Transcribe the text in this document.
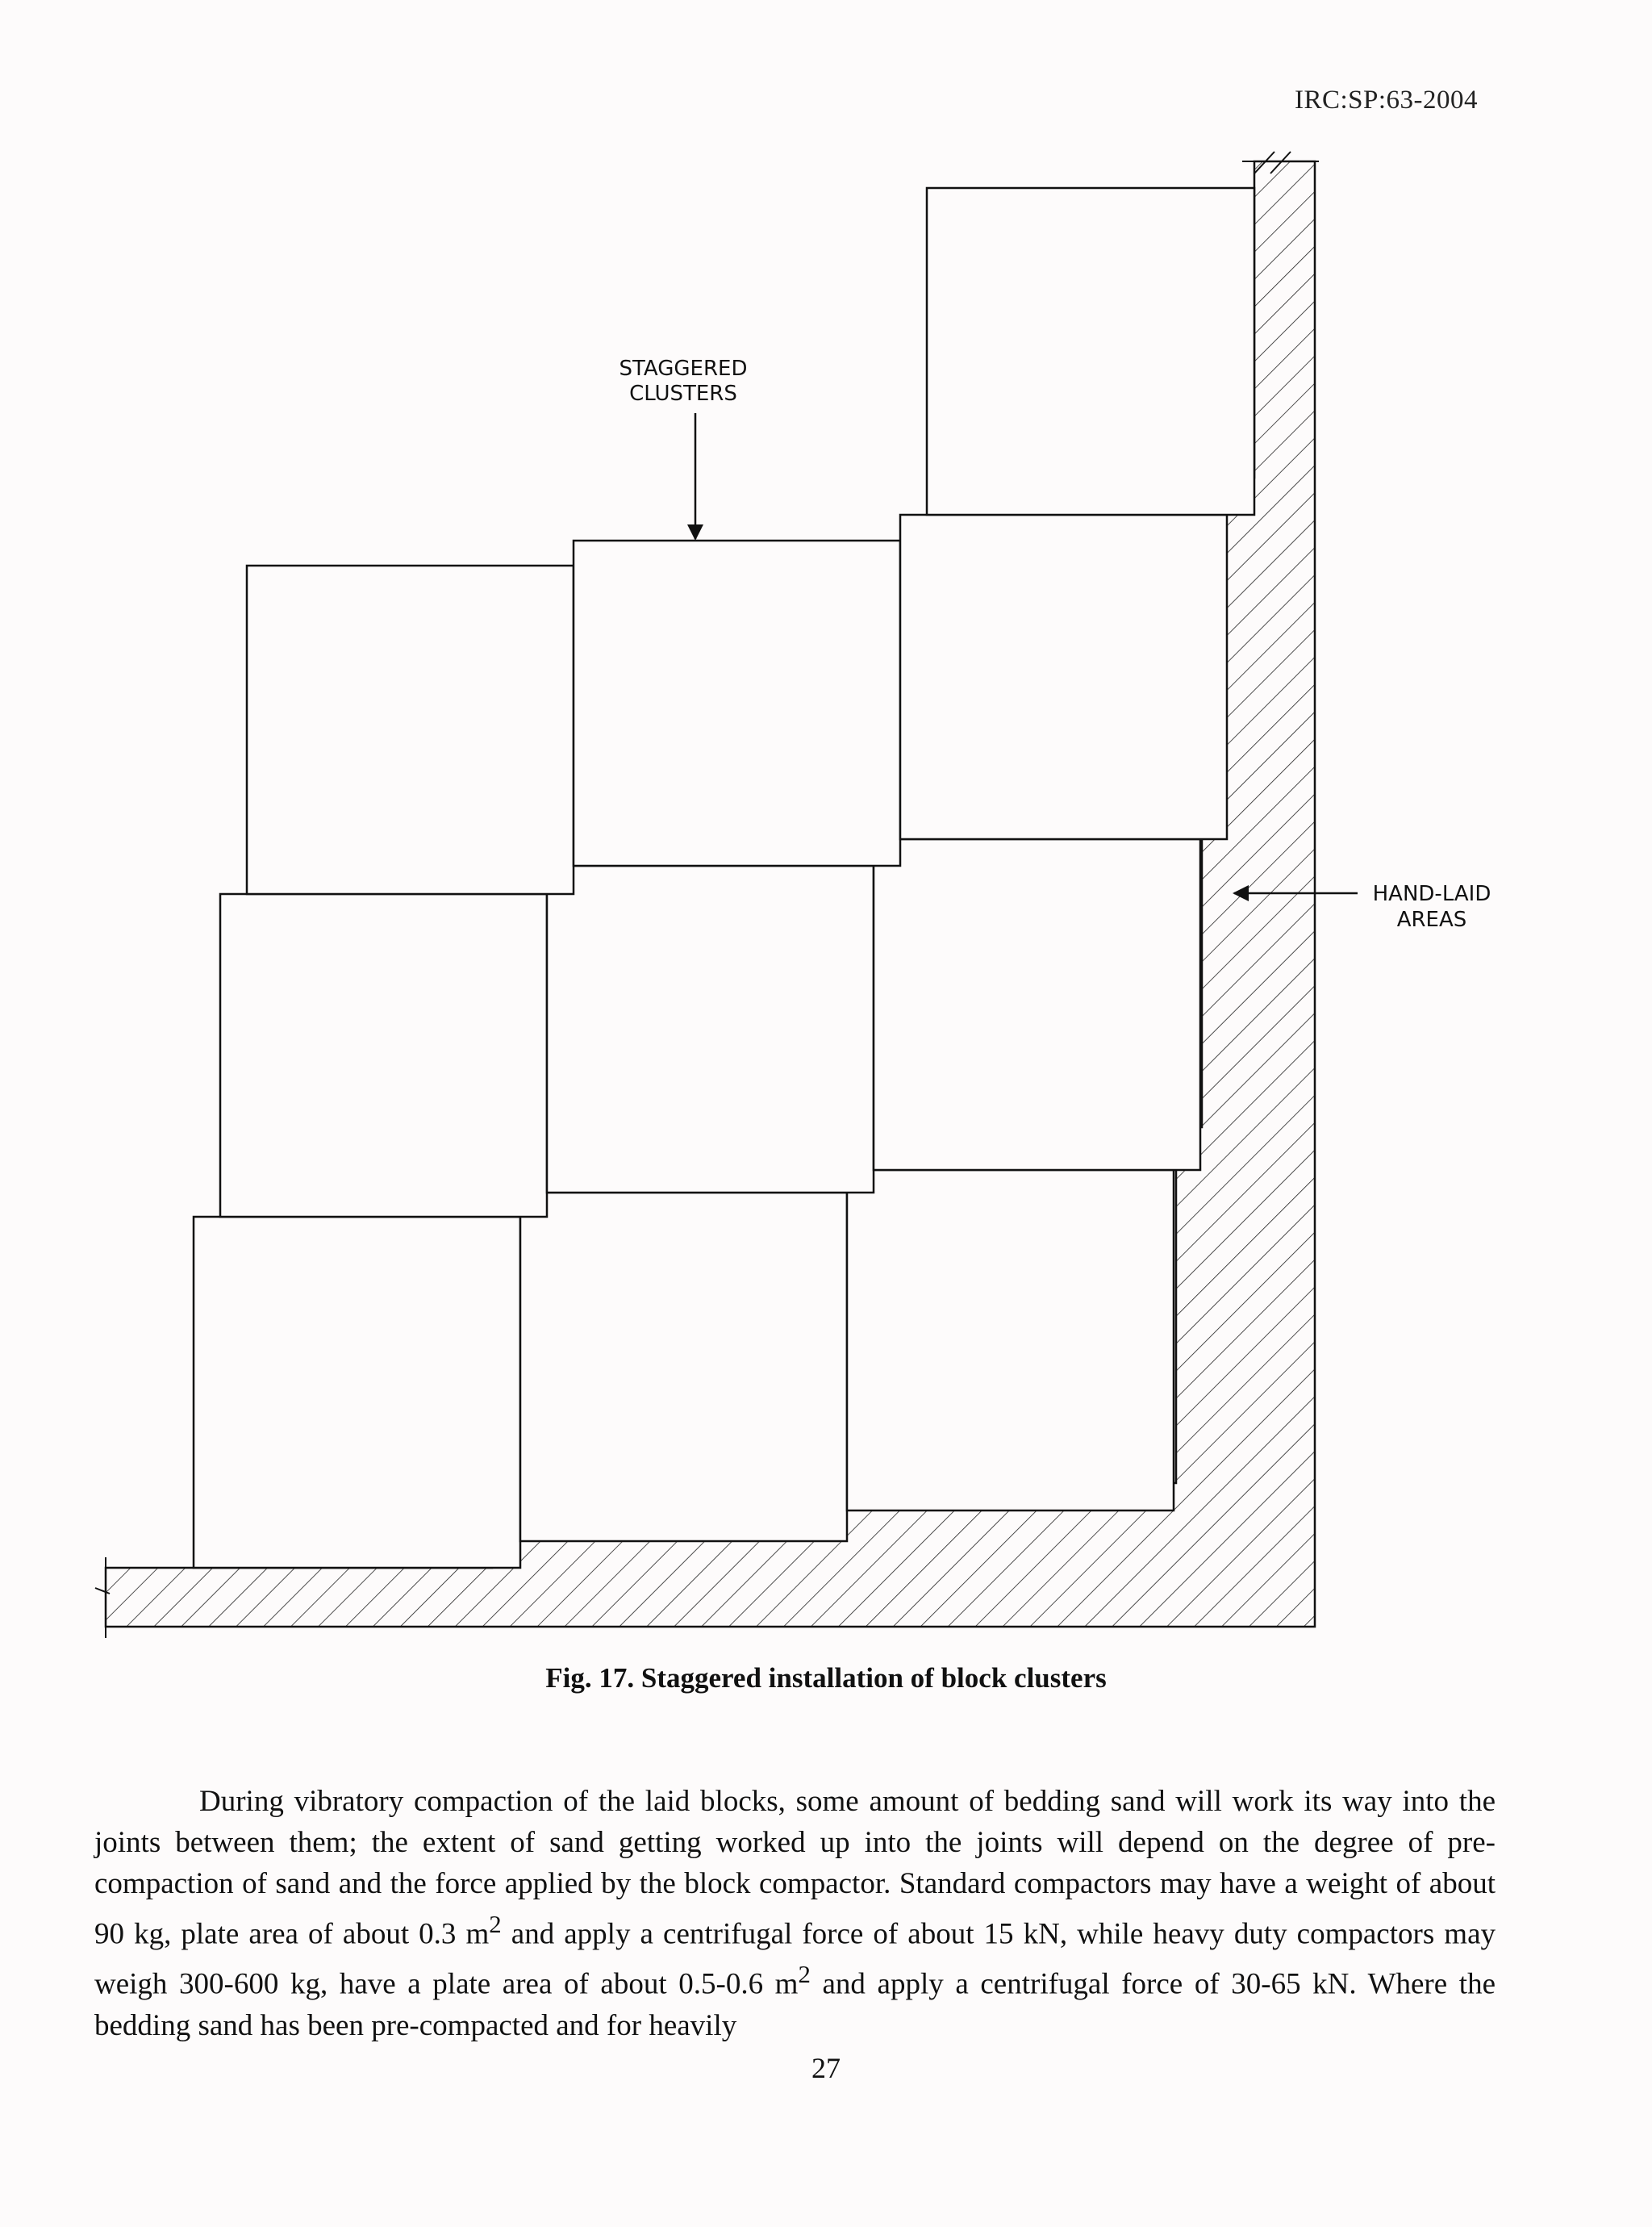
IRC:SP:63-2004
STAGGERED
CLUSTERS
HAND-LAID
AREAS
Fig. 17. Staggered installation of block clusters

During vibratory compaction of the laid blocks, some amount of bedding sand will work its way into the joints between them; the extent of sand getting worked up into the joints will depend on the degree of pre-compaction of sand and the force applied by the block compactor. Standard compactors may have a weight of about 90 kg, plate area of about 0.3 $m^2$ and apply a centrifugal force of about 15 kN, while heavy duty compactors may weigh 300-600 kg, have a plate area of about 0.5-0.6 $m^2$ and apply a centrifugal force of 30-65 kN. Where the bedding sand has been pre-compacted and for heavily

27
